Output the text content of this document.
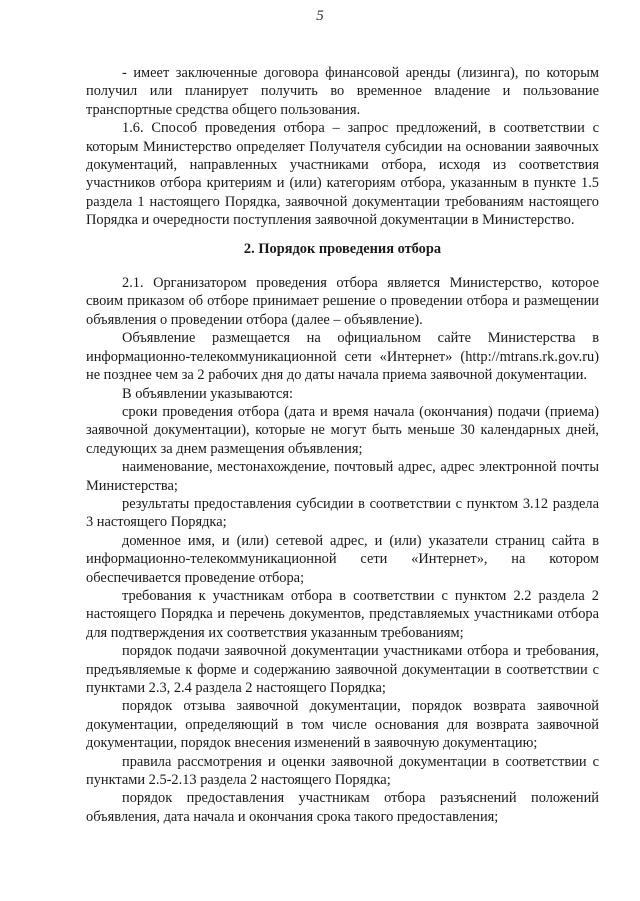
5

- имеет заключенные договора финансовой аренды (лизинга), по которым получил или планирует получить во временное владение и пользование транспортные средства общего пользования.

1.6. Способ проведения отбора – запрос предложений, в соответствии с которым Министерство определяет Получателя субсидии на основании заявочных документаций, направленных участниками отбора, исходя из соответствия участников отбора критериям и (или) категориям отбора, указанным в пункте 1.5 раздела 1 настоящего Порядка, заявочной документации требованиям настоящего Порядка и очередности поступления заявочной документации в Министерство.

2. Порядок проведения отбора

2.1. Организатором проведения отбора является Министерство, которое своим приказом об отборе принимает решение о проведении отбора и размещении объявления о проведении отбора (далее – объявление).

Объявление размещается на официальном сайте Министерства в информационно-телекоммуникационной сети «Интернет» (http://mtrans.rk.gov.ru) не позднее чем за 2 рабочих дня до даты начала приема заявочной документации.

В объявлении указываются:

сроки проведения отбора (дата и время начала (окончания) подачи (приема) заявочной документации), которые не могут быть меньше 30 календарных дней, следующих за днем размещения объявления;

наименование, местонахождение, почтовый адрес, адрес электронной почты Министерства;

результаты предоставления субсидии в соответствии с пунктом 3.12 раздела 3 настоящего Порядка;

доменное имя, и (или) сетевой адрес, и (или) указатели страниц сайта в информационно-телекоммуникационной сети «Интернет», на котором обеспечивается проведение отбора;

требования к участникам отбора в соответствии с пунктом 2.2 раздела 2 настоящего Порядка и перечень документов, представляемых участниками отбора для подтверждения их соответствия указанным требованиям;

порядок подачи заявочной документации участниками отбора и требования, предъявляемые к форме и содержанию заявочной документации в соответствии с пунктами 2.3, 2.4 раздела 2 настоящего Порядка;

порядок отзыва заявочной документации, порядок возврата заявочной документации, определяющий в том числе основания для возврата заявочной документации, порядок внесения изменений в заявочную документацию;

правила рассмотрения и оценки заявочной документации в соответствии с пунктами 2.5-2.13 раздела 2 настоящего Порядка;

порядок предоставления участникам отбора разъяснений положений объявления, дата начала и окончания срока такого предоставления;
